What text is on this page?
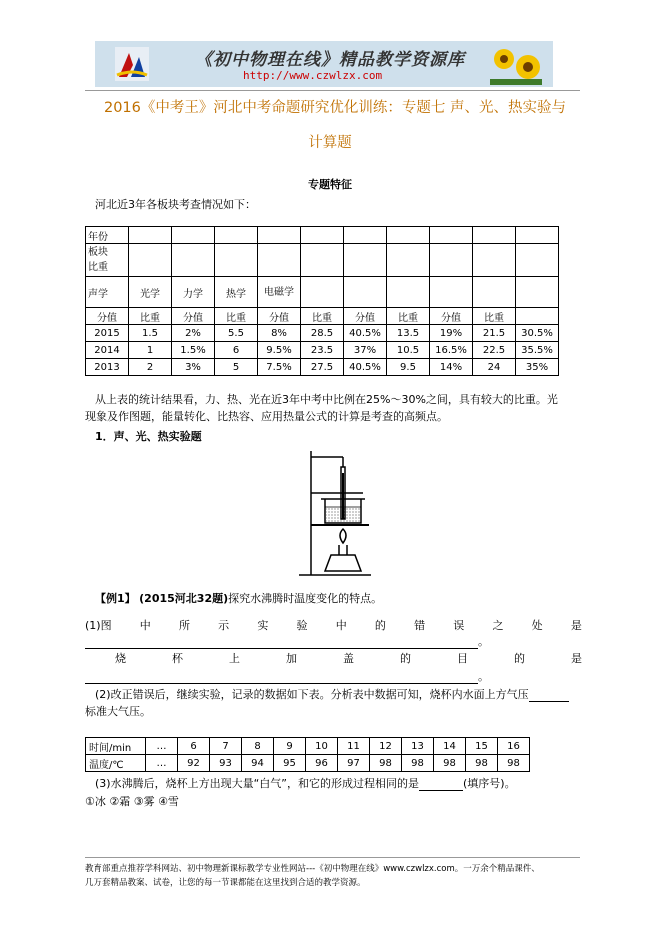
《初中物理在线》精品教学资源库
http://www.czwlzx.com
2016《中考王》河北中考命题研究优化训练：专题七 声、光、热实验与
计算题
专题特征
河北近3年各板块考查情况如下：
年份										
板块
比重										
声学	光学	力学	热学	电磁学						
分值	比重	分值	比重	分值	比重	分值	比重	分值	比重	
2015	1.5	2%	5.5	8%	28.5	40.5%	13.5	19%	21.5	30.5%
2014	1	1.5%	6	9.5%	23.5	37%	10.5	16.5%	22.5	35.5%
2013	2	3%	5	7.5%	27.5	40.5%	9.5	14%	24	35%
从上表的统计结果看，力、热、光在近3年中考中比例在25%～30%之间，具有较大的比重。光
现象及作图题，能量转化、比热容、应用热量公式的计算是考查的高频点。
1．声、光、热实验题
【例1】 (2015河北32题)探究水沸腾时温度变化的特点。
(1)图	中	所	示	实	验	中	的	错	误	之	处	是
。
烧	杯	上	加	盖	的	目	的	是
。
(2)改正错误后，继续实验，记录的数据如下表。分析表中数据可知，烧杯内水面上方气压
标准大气压。
时间/min	…	6	7	8	9	10	11	12	13	14	15	16
温度/℃	…	92	93	94	95	96	97	98	98	98	98	98
(3)水沸腾后，烧杯上方出现大量“白气”，和它的形成过程相同的是	(填序号)。
①冰 ②霜 ③雾 ④雪
教育部重点推荐学科网站、初中物理新课标教学专业性网站---《初中物理在线》www.czwlzx.com。一万余个精品课件、
几万套精品教案、试卷，让您的每一节课都能在这里找到合适的教学资源。
